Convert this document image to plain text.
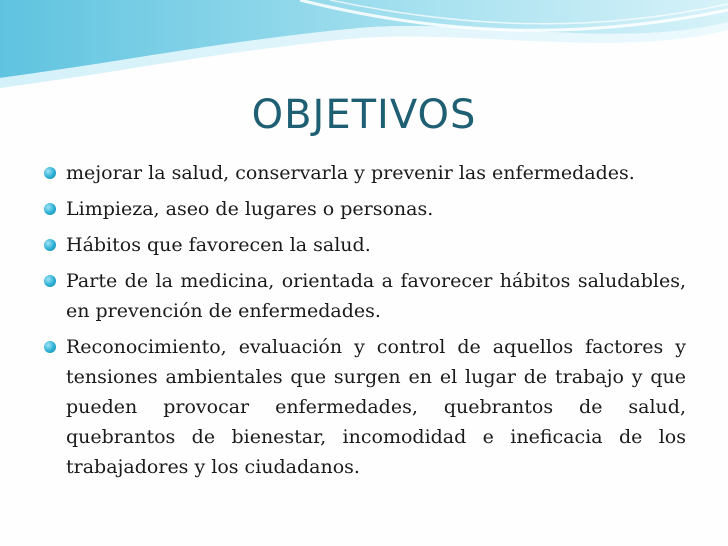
OBJETIVOS
mejorar la salud, conservarla y prevenir las enfermedades.
Limpieza, aseo de lugares o personas.
Hábitos que favorecen la salud.
Parte de la medicina, orientada a favorecer hábitos saludables, en prevención de enfermedades.
Reconocimiento, evaluación y control de aquellos factores y tensiones ambientales que surgen en el lugar de trabajo y que pueden provocar enfermedades, quebrantos de salud, quebrantos de bienestar, incomodidad e ineficacia de los trabajadores y los ciudadanos.
